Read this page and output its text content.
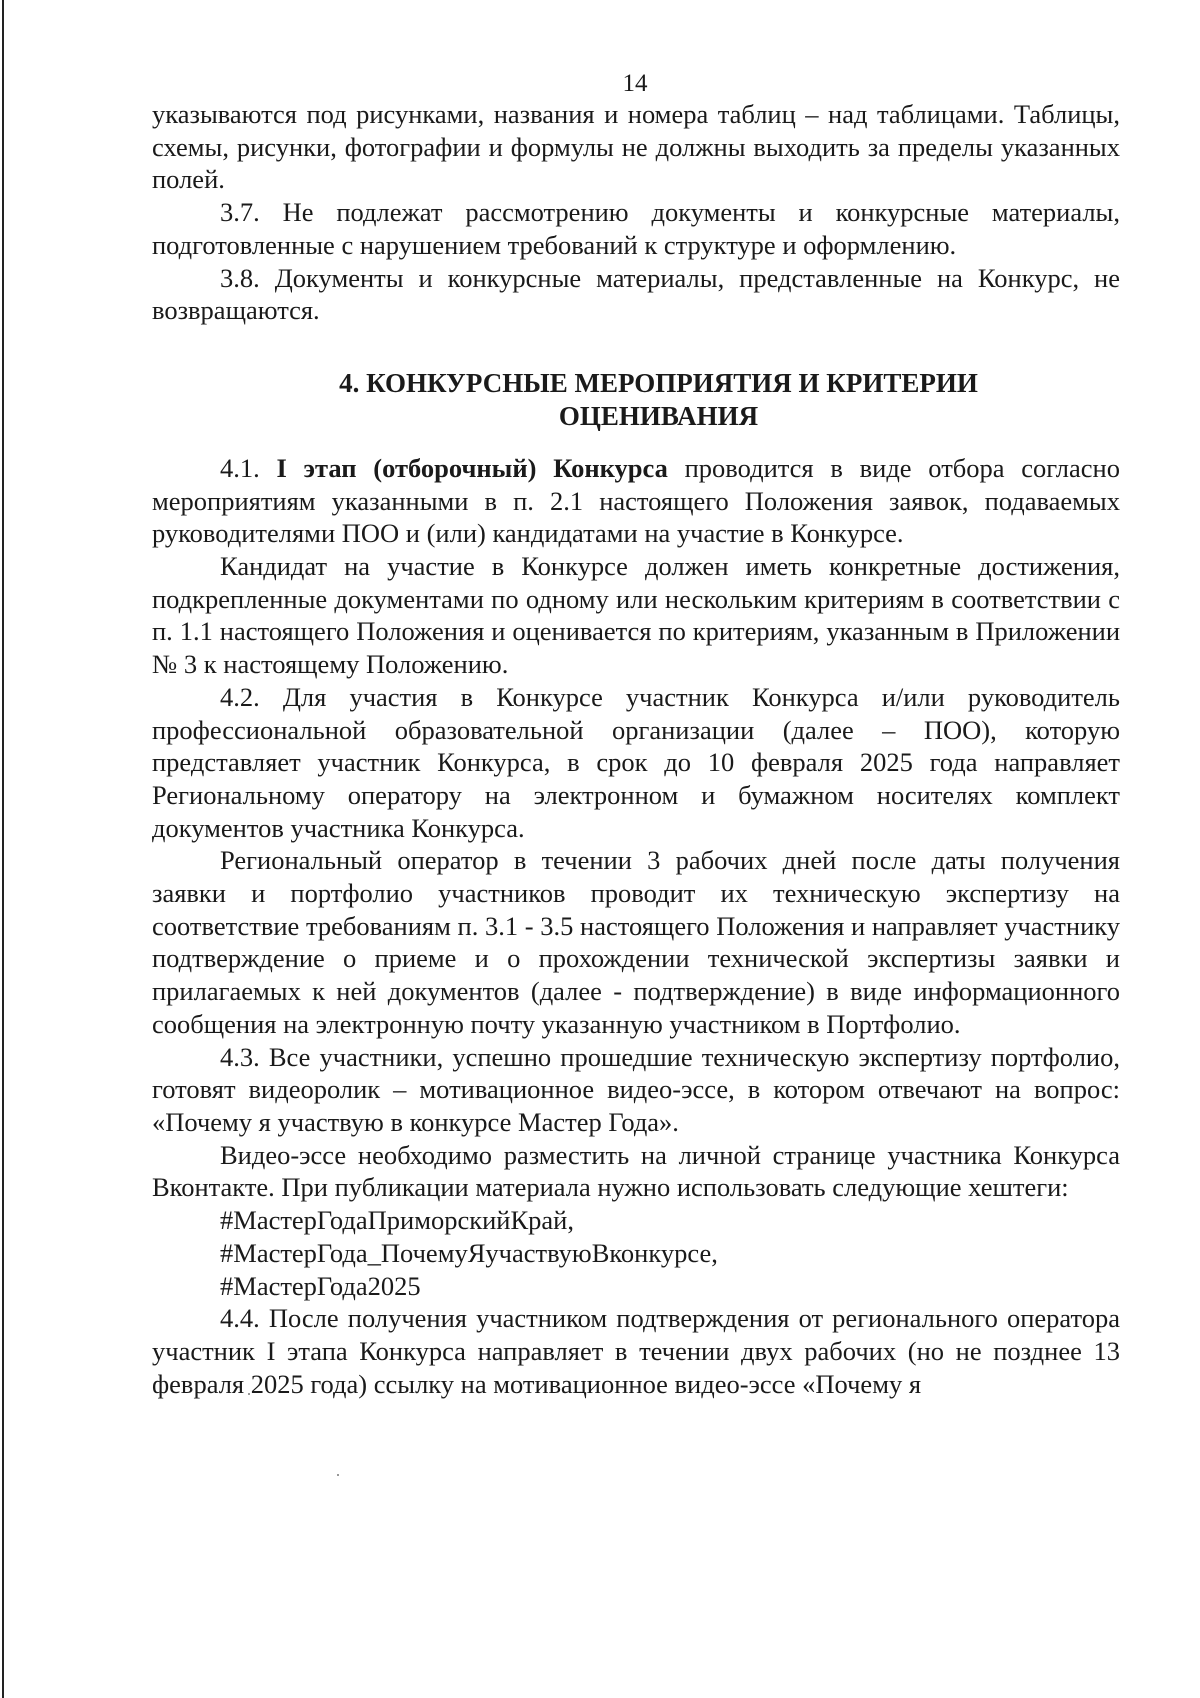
14

указываются под рисунками, названия и номера таблиц – над таблицами. Таблицы, схемы, рисунки, фотографии и формулы не должны выходить за пределы указанных полей.

3.7. Не подлежат рассмотрению документы и конкурсные материалы, подготовленные с нарушением требований к структуре и оформлению.

3.8. Документы и конкурсные материалы, представленные на Конкурс, не возвращаются.

4. КОНКУРСНЫЕ МЕРОПРИЯТИЯ И КРИТЕРИИ
ОЦЕНИВАНИЯ

4.1. I этап (отборочный) Конкурса проводится в виде отбора согласно мероприятиям указанными в п. 2.1 настоящего Положения заявок, подаваемых руководителями ПОО и (или) кандидатами на участие в Конкурсе.

Кандидат на участие в Конкурсе должен иметь конкретные достижения, подкрепленные документами по одному или нескольким критериям в соответствии с п. 1.1 настоящего Положения и оценивается по критериям, указанным в Приложении № 3 к настоящему Положению.

4.2. Для участия в Конкурсе участник Конкурса и/или руководитель профессиональной образовательной организации (далее – ПОО), которую представляет участник Конкурса, в срок до 10 февраля 2025 года направляет Региональному оператору на электронном и бумажном носителях комплект документов участника Конкурса.

Региональный оператор в течении 3 рабочих дней после даты получения заявки и портфолио участников проводит их техническую экспертизу на соответствие требованиям п. 3.1 - 3.5 настоящего Положения и направляет участнику подтверждение о приеме и о прохождении технической экспертизы заявки и прилагаемых к ней документов (далее - подтверждение) в виде информационного сообщения на электронную почту указанную участником в Портфолио.

4.3. Все участники, успешно прошедшие техническую экспертизу портфолио, готовят видеоролик – мотивационное видео-эссе, в котором отвечают на вопрос: «Почему я участвую в конкурсе Мастер Года».

Видео-эссе необходимо разместить на личной странице участника Конкурса Вконтакте. При публикации материала нужно использовать следующие хештеги:

#МастерГодаПриморскийКрай,

#МастерГода_ПочемуЯучаствуюВконкурсе,

#МастерГода2025

4.4. После получения участником подтверждения от регионального оператора участник I этапа Конкурса направляет в течении двух рабочих (но не позднее 13 февраля 2025 года) ссылку на мотивационное видео-эссе «Почему я
